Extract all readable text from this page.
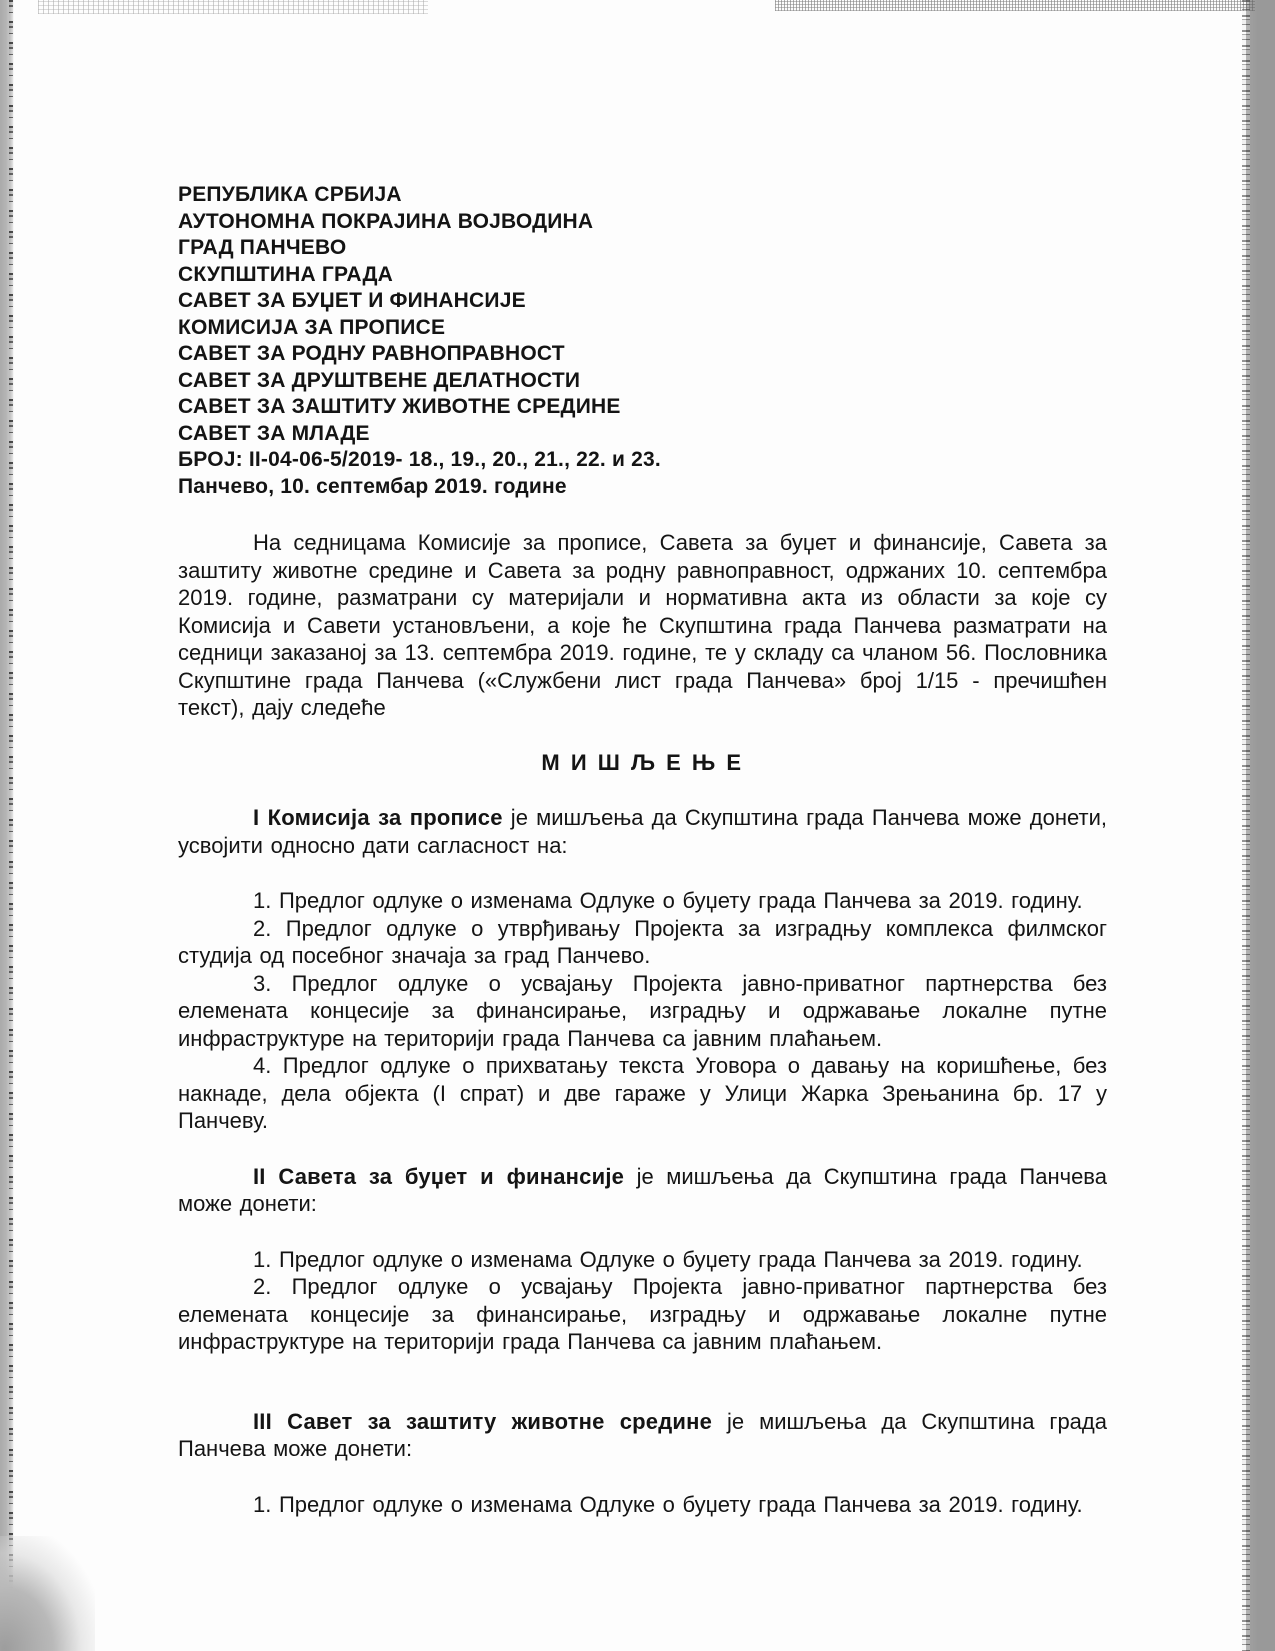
РЕПУБЛИКА СРБИЈА
АУТОНОМНА ПОКРАЈИНА ВОЈВОДИНА
ГРАД ПАНЧЕВО
СКУПШТИНА ГРАДА
САВЕТ ЗА БУЏЕТ И ФИНАНСИЈЕ
КОМИСИЈА ЗА ПРОПИСЕ
САВЕТ ЗА РОДНУ РАВНОПРАВНОСТ
САВЕТ ЗА ДРУШТВЕНЕ ДЕЛАТНОСТИ
САВЕТ ЗА ЗАШТИТУ ЖИВОТНЕ СРЕДИНЕ
САВЕТ ЗА МЛАДЕ
БРОЈ: II-04-06-5/2019- 18., 19., 20., 21., 22. и 23.
Панчево, 10. септембар 2019. године

На седницама Комисије за прописе, Савета за буџет и финансије, Савета за заштиту животне средине и Савета за родну равноправност, одржаних 10. септембра 2019. године, разматрани су материјали и нормативна акта из области за које су Комисија и Савети установљени, а које ће Скупштина града Панчева разматрати на седници заказаној за 13. септембра 2019. године, те у складу са чланом 56. Пословника Скупштине града Панчева («Службени лист града Панчева» број 1/15 - пречишћен текст), дају следеће

М И Ш Љ Е Њ Е

I Комисија за прописе је мишљења да Скупштина града Панчева може донети, усвојити односно дати сагласност на:

1. Предлог одлуке о изменама Одлуке о буџету града Панчева за 2019. годину.

2. Предлог одлуке о утврђивању Пројекта за изградњу комплекса филмског студија од посебног значаја за град Панчево.

3. Предлог одлуке о усвајању Пројекта јавно-приватног партнерства без елемената концесије за финансирање, изградњу и одржавање локалне путне инфраструктуре на територији града Панчева са јавним плаћањем.

4. Предлог одлуке о прихватању текста Уговора о давању на коришћење, без накнаде, дела објекта (I спрат) и две гараже у Улици Жарка Зрењанина бр. 17 у Панчеву.

II Савета за буџет и финансије је мишљења да Скупштина града Панчева може донети:

1. Предлог одлуке о изменама Одлуке о буџету града Панчева за 2019. годину.

2. Предлог одлуке о усвајању Пројекта јавно-приватног партнерства без елемената концесије за финансирање, изградњу и одржавање локалне путне инфраструктуре на територији града Панчева са јавним плаћањем.

III Савет за заштиту животне средине је мишљења да Скупштина града Панчева може донети:

1. Предлог одлуке о изменама Одлуке о буџету града Панчева за 2019. годину.
